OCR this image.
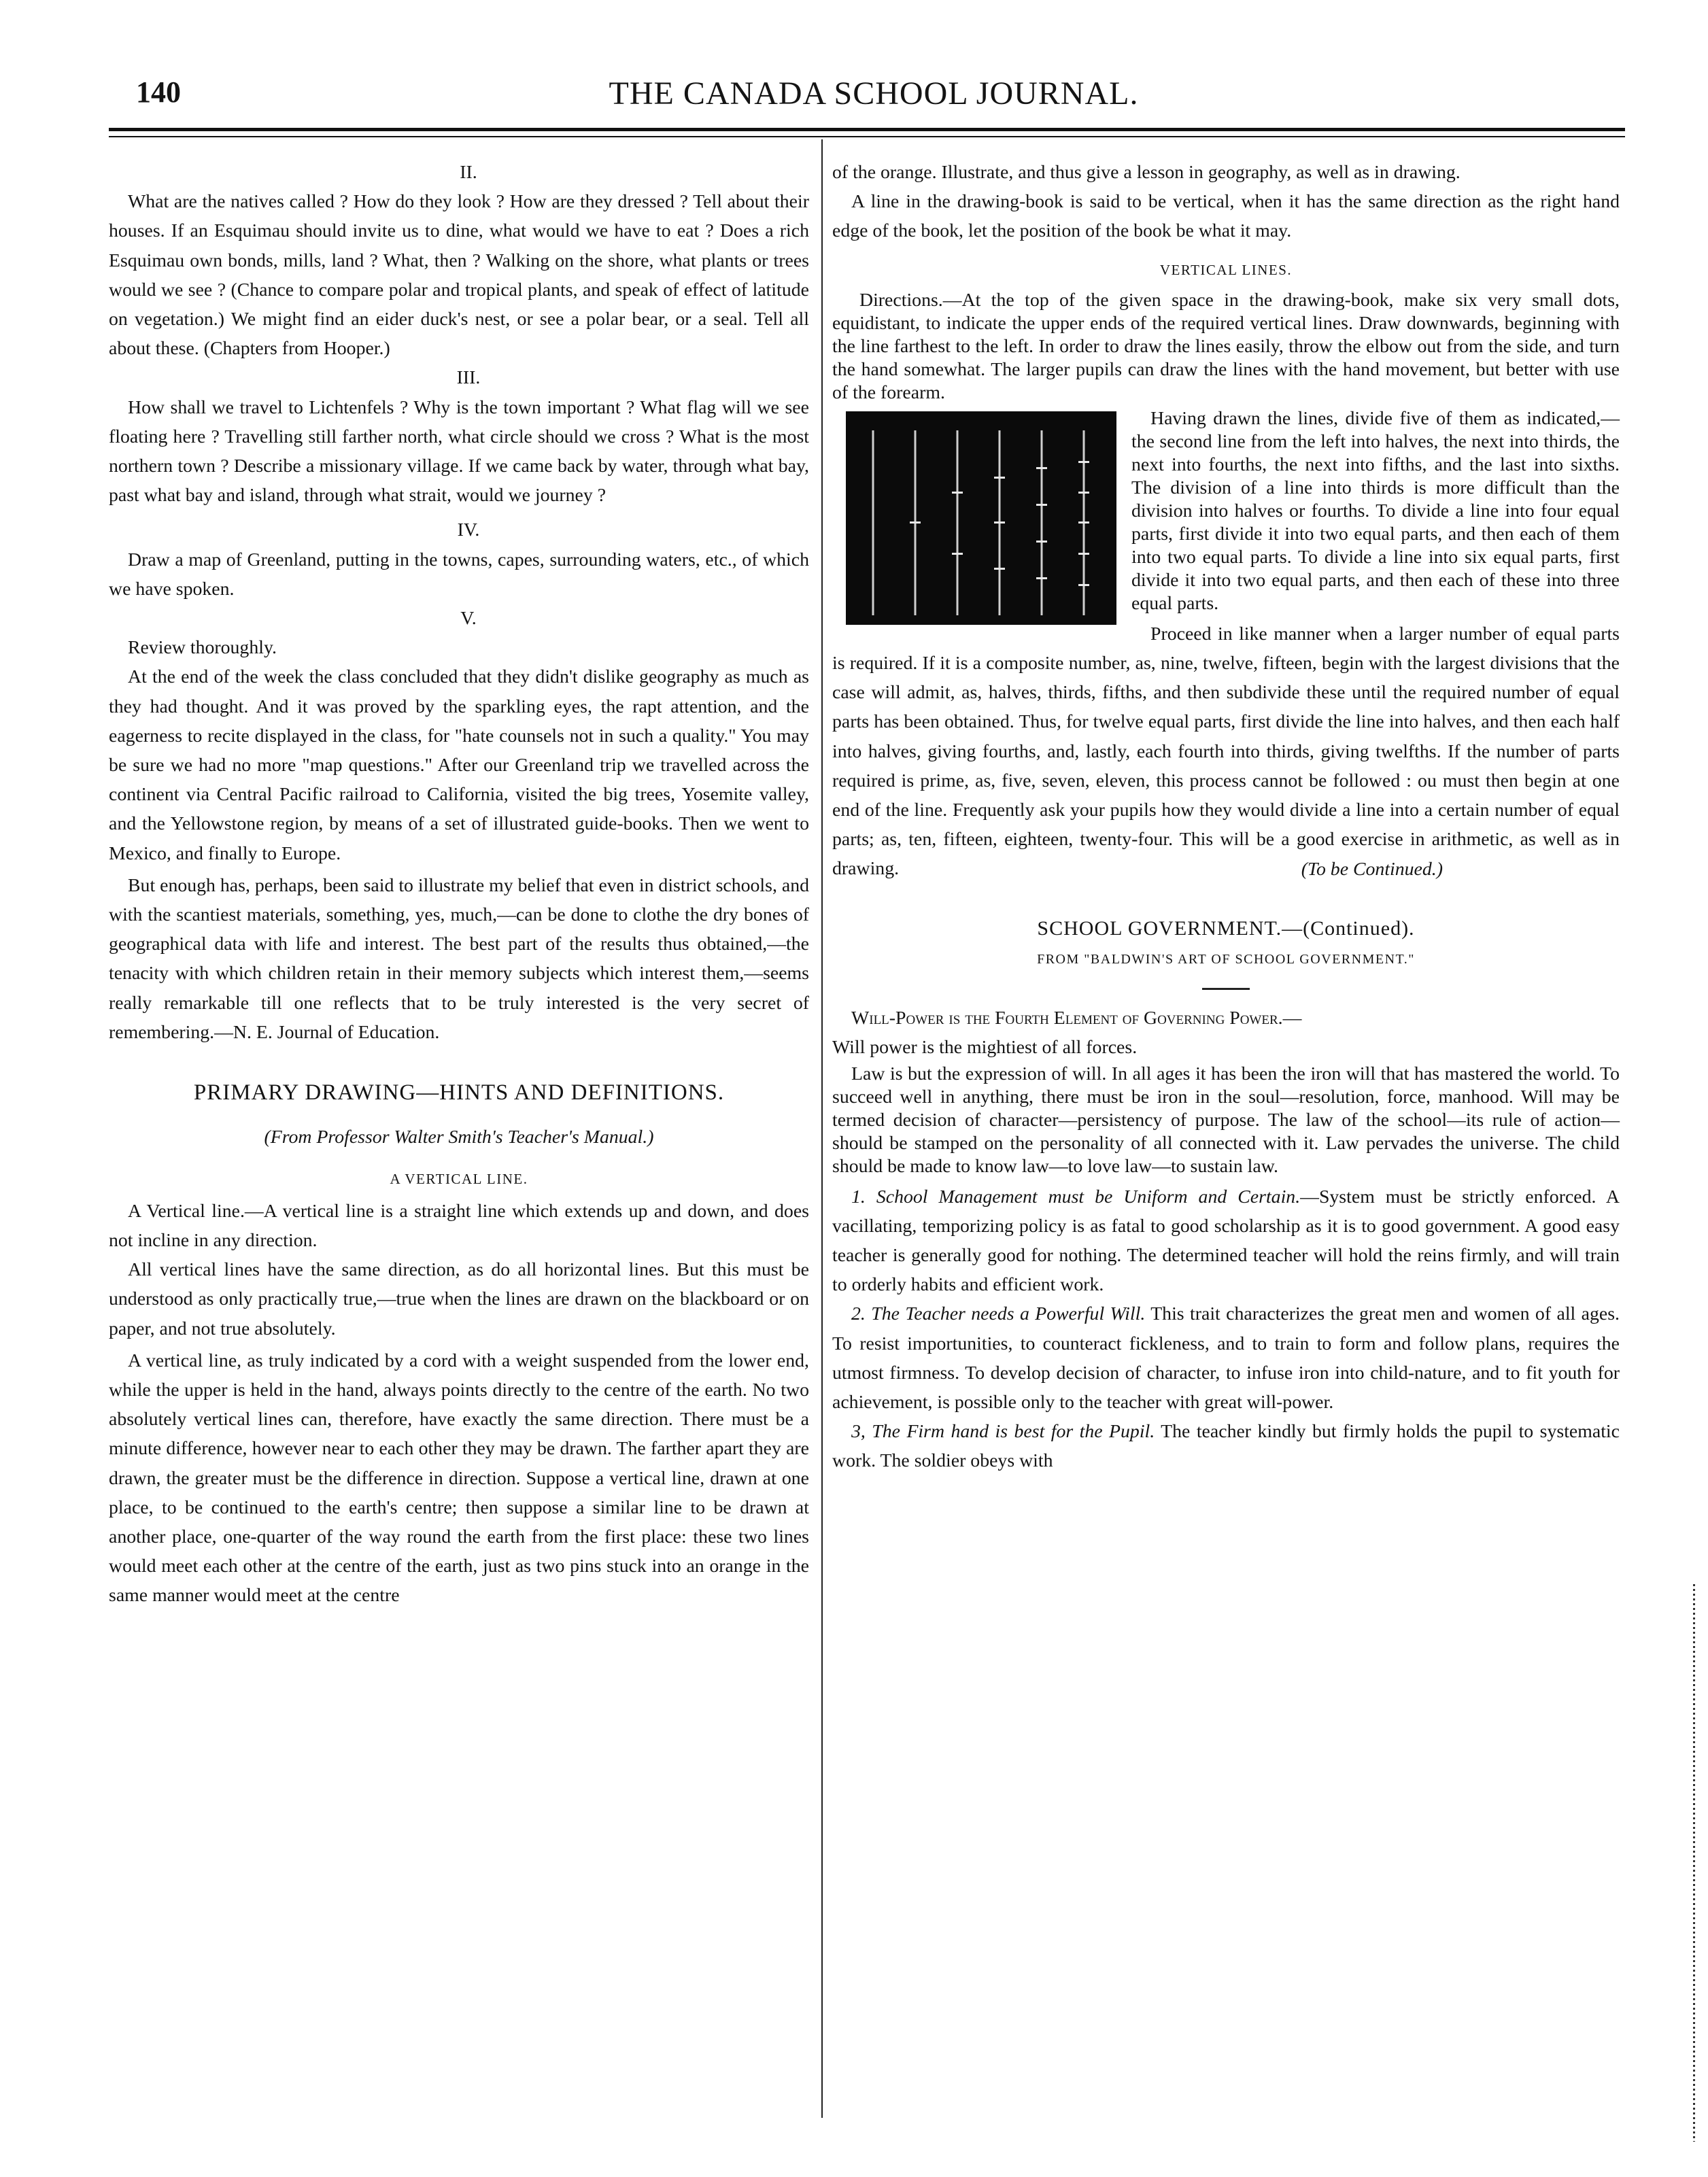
140	THE CANADA SCHOOL JOURNAL.

II.

What are the natives called ? How do they look ? How are they dressed ? Tell about their houses. If an Esquimau should invite us to dine, what would we have to eat ? Does a rich Esquimau own bonds, mills, land ? What, then ? Walking on the shore, what plants or trees would we see ? (Chance to compare polar and tropical plants, and speak of effect of latitude on vegetation.) We might find an eider duck's nest, or see a polar bear, or a seal. Tell all about these. (Chapters from Hooper.)

III.

How shall we travel to Lichtenfels ? Why is the town important ? What flag will we see floating here ? Travelling still farther north, what circle should we cross ? What is the most northern town ? Describe a missionary village. If we came back by water, through what bay, past what bay and island, through what strait, would we journey ?

IV.

Draw a map of Greenland, putting in the towns, capes, surrounding waters, etc., of which we have spoken.

V.

Review thoroughly.

At the end of the week the class concluded that they didn't dislike geography as much as they had thought. And it was proved by the sparkling eyes, the rapt attention, and the eagerness to recite displayed in the class, for "hate counsels not in such a quality." You may be sure we had no more "map questions." After our Greenland trip we travelled across the continent via Central Pacific railroad to California, visited the big trees, Yosemite valley, and the Yellowstone region, by means of a set of illustrated guide-books. Then we went to Mexico, and finally to Europe.

But enough has, perhaps, been said to illustrate my belief that even in district schools, and with the scantiest materials, something, yes, much,—can be done to clothe the dry bones of geographical data with life and interest. The best part of the results thus obtained,—the tenacity with which children retain in their memory subjects which interest them,—seems really remarkable till one reflects that to be truly interested is the very secret of remembering.—N. E. Journal of Education.

PRIMARY DRAWING—HINTS AND DEFINITIONS.
(From Professor Walter Smith's Teacher's Manual.)
A VERTICAL LINE.

A Vertical line.—A vertical line is a straight line which extends up and down, and does not incline in any direction.

All vertical lines have the same direction, as do all horizontal lines. But this must be understood as only practically true,—true when the lines are drawn on the blackboard or on paper, and not true absolutely.

A vertical line, as truly indicated by a cord with a weight suspended from the lower end, while the upper is held in the hand, always points directly to the centre of the earth. No two absolutely vertical lines can, therefore, have exactly the same direction. There must be a minute difference, however near to each other they may be drawn. The farther apart they are drawn, the greater must be the difference in direction. Suppose a vertical line, drawn at one place, to be continued to the earth's centre; then suppose a similar line to be drawn at another place, one-quarter of the way round the earth from the first place: these two lines would meet each other at the centre of the earth, just as two pins stuck into an orange in the same manner would meet at the centre

of the orange. Illustrate, and thus give a lesson in geography, as well as in drawing.

A line in the drawing-book is said to be vertical, when it has the same direction as the right hand edge of the book, let the position of the book be what it may.

VERTICAL LINES.

Directions.—At the top of the given space in the drawing-book, make six very small dots, equidistant, to indicate the upper ends of the required vertical lines. Draw downwards, beginning with the line farthest to the left. In order to draw the lines easily, throw the elbow out from the side, and turn the hand somewhat. The larger pupils can draw the lines with the hand movement, but better with use of the forearm.

Having drawn the lines, divide five of them as indicated,—the second line from the left into halves, the next into thirds, the next into fourths, the next into fifths, and the last into sixths. The division of a line into thirds is more difficult than the division into halves or fourths. To divide a line into four equal parts, first divide it into two equal parts, and then each of them into two equal parts. To divide a line into six equal parts, first divide it into two equal parts, and then each of these into three equal parts.

Proceed in like manner when a larger number of equal parts is required. If it is a composite number, as, nine, twelve, fifteen, begin with the largest divisions that the case will admit, as, halves, thirds, fifths, and then subdivide these until the required number of equal parts has been obtained. Thus, for twelve equal parts, first divide the line into halves, and then each half into halves, giving fourths, and, lastly, each fourth into thirds, giving twelfths. If the number of parts required is prime, as, five, seven, eleven, this process cannot be followed : ou must then begin at one end of the line. Frequently ask your pupils how they would divide a line into a certain number of equal parts; as, ten, fifteen, eighteen, twenty-four. This will be a good exercise in arithmetic, as well as in drawing.	(To be Continued.)

SCHOOL GOVERNMENT.—(Continued).
FROM "BALDWIN'S ART OF SCHOOL GOVERNMENT."

Will-Power is the Fourth Element of Governing Power.—

Will power is the mightiest of all forces.

Law is but the expression of will. In all ages it has been the iron will that has mastered the world. To succeed well in anything, there must be iron in the soul—resolution, force, manhood. Will may be termed decision of character—persistency of purpose. The law of the school—its rule of action—should be stamped on the personality of all connected with it. Law pervades the universe. The child should be made to know law—to love law—to sustain law.

1. School Management must be Uniform and Certain.—System must be strictly enforced. A vacillating, temporizing policy is as fatal to good scholarship as it is to good government. A good easy teacher is generally good for nothing. The determined teacher will hold the reins firmly, and will train to orderly habits and efficient work.

2. The Teacher needs a Powerful Will. This trait characterizes the great men and women of all ages. To resist importunities, to counteract fickleness, and to train to form and follow plans, requires the utmost firmness. To develop decision of character, to infuse iron into child-nature, and to fit youth for achievement, is possible only to the teacher with great will-power.

3, The Firm hand is best for the Pupil. The teacher kindly but firmly holds the pupil to systematic work. The soldier obeys with
